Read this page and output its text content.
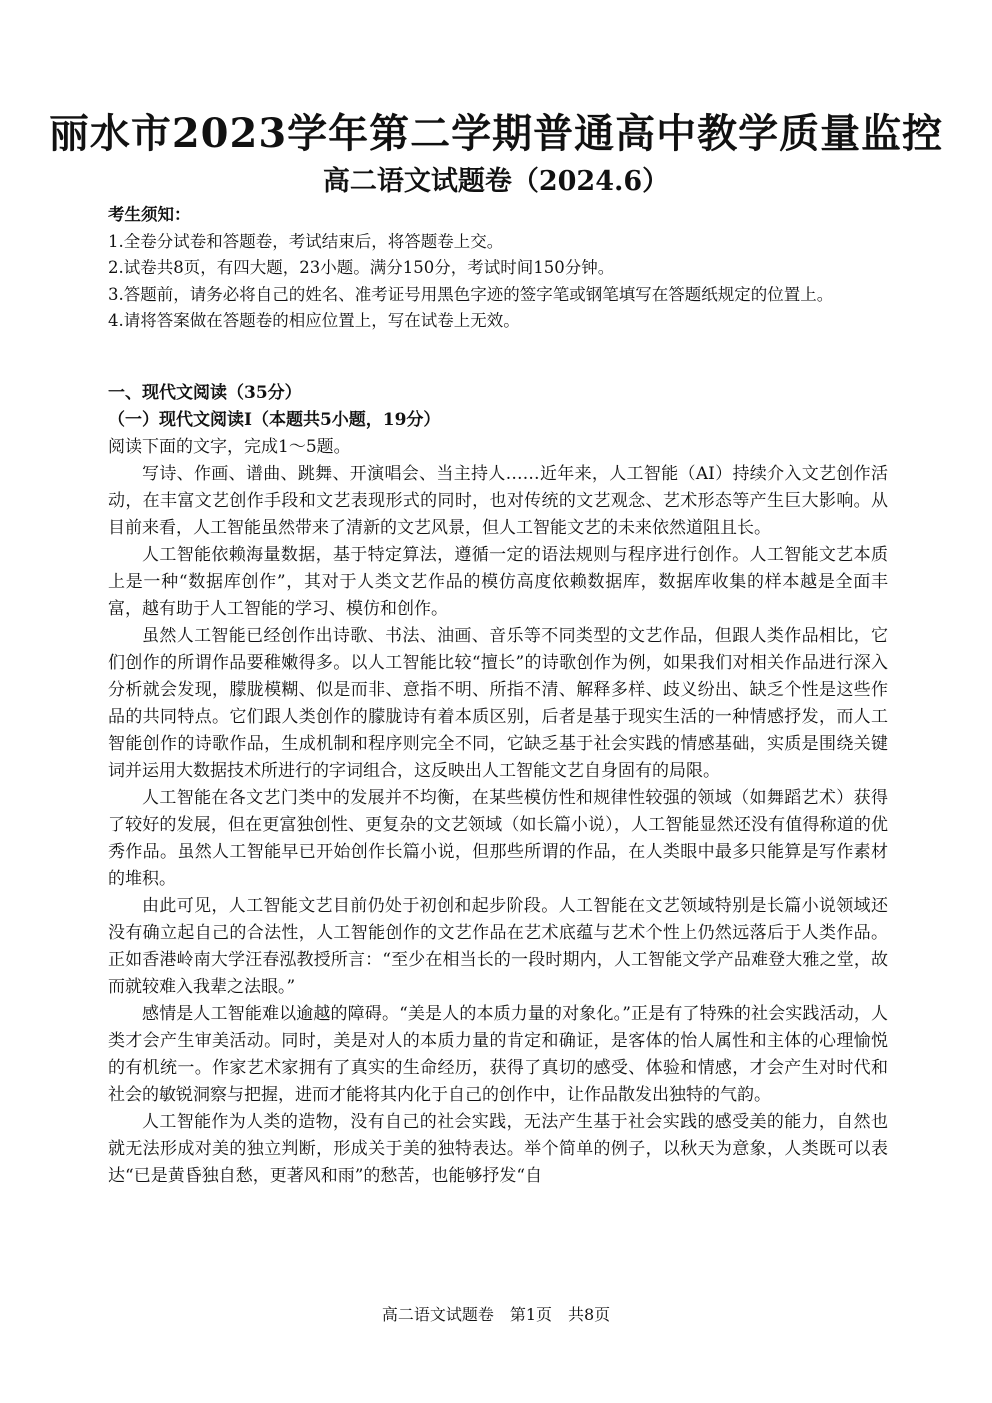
丽水市2023学年第二学期普通高中教学质量监控
高二语文试题卷（2024.6）
考生须知：
1.全卷分试卷和答题卷，考试结束后，将答题卷上交。
2.试卷共8页，有四大题，23小题。满分150分，考试时间150分钟。
3.答题前，请务必将自己的姓名、准考证号用黑色字迹的签字笔或钢笔填写在答题纸规定的位置上。
4.请将答案做在答题卷的相应位置上，写在试卷上无效。
一、现代文阅读（35分）
（一）现代文阅读Ⅰ（本题共5小题，19分）
阅读下面的文字，完成1～5题。
写诗、作画、谱曲、跳舞、开演唱会、当主持人……近年来，人工智能（AI）持续介入文艺创作活动，在丰富文艺创作手段和文艺表现形式的同时，也对传统的文艺观念、艺术形态等产生巨大影响。从目前来看，人工智能虽然带来了清新的文艺风景，但人工智能文艺的未来依然道阻且长。
人工智能依赖海量数据，基于特定算法，遵循一定的语法规则与程序进行创作。人工智能文艺本质上是一种“数据库创作”，其对于人类文艺作品的模仿高度依赖数据库，数据库收集的样本越是全面丰富，越有助于人工智能的学习、模仿和创作。
虽然人工智能已经创作出诗歌、书法、油画、音乐等不同类型的文艺作品，但跟人类作品相比，它们创作的所谓作品要稚嫩得多。以人工智能比较“擅长”的诗歌创作为例，如果我们对相关作品进行深入分析就会发现，朦胧模糊、似是而非、意指不明、所指不清、解释多样、歧义纷出、缺乏个性是这些作品的共同特点。它们跟人类创作的朦胧诗有着本质区别，后者是基于现实生活的一种情感抒发，而人工智能创作的诗歌作品，生成机制和程序则完全不同，它缺乏基于社会实践的情感基础，实质是围绕关键词并运用大数据技术所进行的字词组合，这反映出人工智能文艺自身固有的局限。
人工智能在各文艺门类中的发展并不均衡，在某些模仿性和规律性较强的领域（如舞蹈艺术）获得了较好的发展，但在更富独创性、更复杂的文艺领域（如长篇小说），人工智能显然还没有值得称道的优秀作品。虽然人工智能早已开始创作长篇小说，但那些所谓的作品，在人类眼中最多只能算是写作素材的堆积。
由此可见，人工智能文艺目前仍处于初创和起步阶段。人工智能在文艺领域特别是长篇小说领域还没有确立起自己的合法性，人工智能创作的文艺作品在艺术底蕴与艺术个性上仍然远落后于人类作品。正如香港岭南大学汪春泓教授所言：“至少在相当长的一段时期内，人工智能文学产品难登大雅之堂，故而就较难入我辈之法眼。”
感情是人工智能难以逾越的障碍。“美是人的本质力量的对象化。”正是有了特殊的社会实践活动，人类才会产生审美活动。同时，美是对人的本质力量的肯定和确证，是客体的怡人属性和主体的心理愉悦的有机统一。作家艺术家拥有了真实的生命经历，获得了真切的感受、体验和情感，才会产生对时代和社会的敏锐洞察与把握，进而才能将其内化于自己的创作中，让作品散发出独特的气韵。
人工智能作为人类的造物，没有自己的社会实践，无法产生基于社会实践的感受美的能力，自然也就无法形成对美的独立判断，形成关于美的独特表达。举个简单的例子，以秋天为意象，人类既可以表达“已是黄昏独自愁，更著风和雨”的愁苦，也能够抒发“自
高二语文试题卷　第1页　共8页
